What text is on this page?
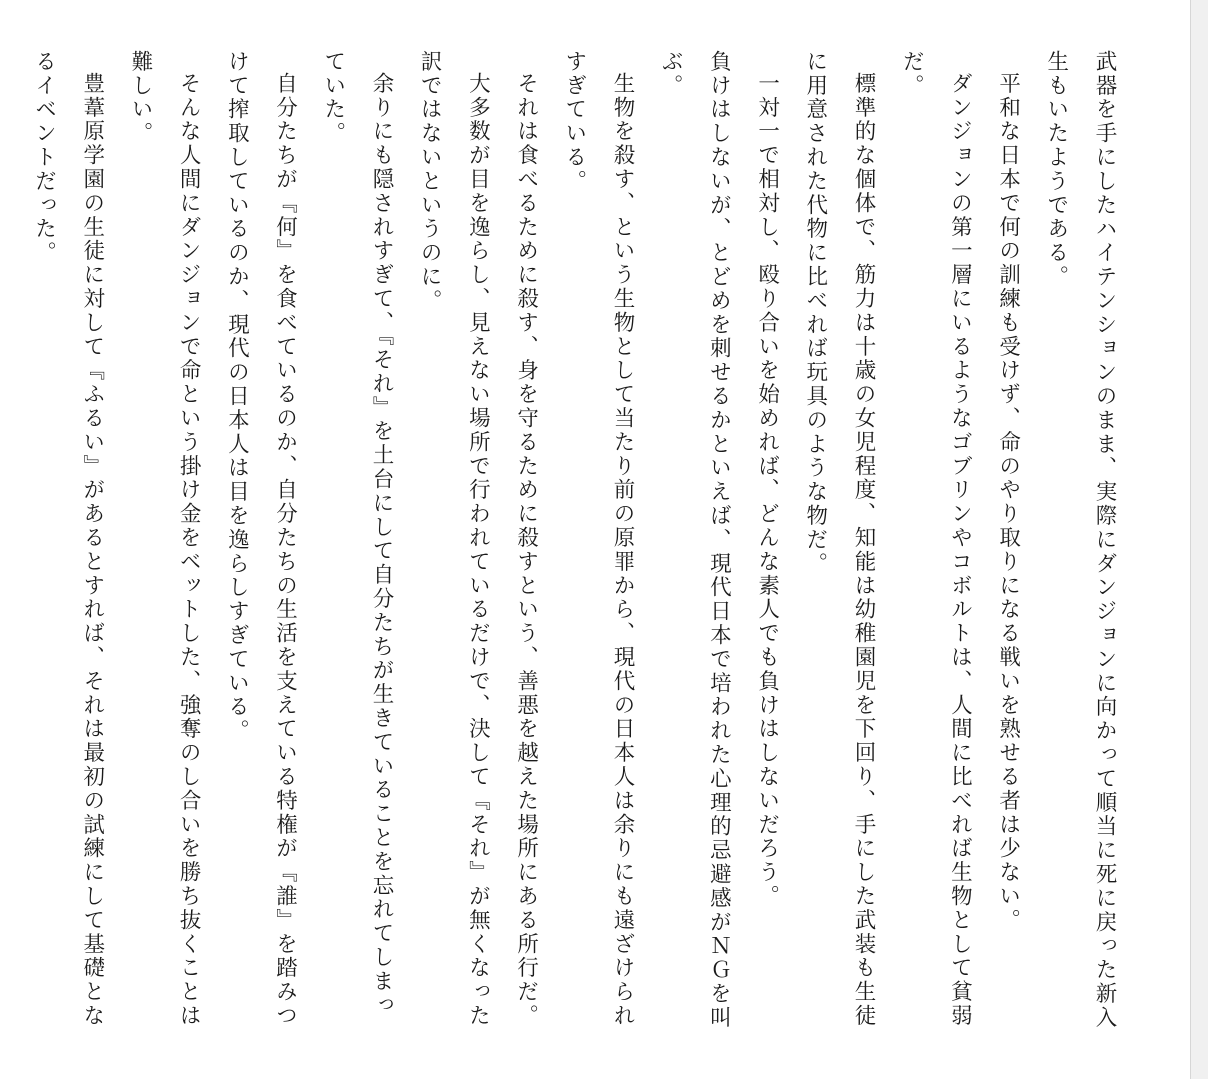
武器を手にしたハイテンションのまま、実際にダンジョンに向かって順当に死に戻った新入生もいたようである。

平和な日本で何の訓練も受けず、命のやり取りになる戦いを熟せる者は少ない。

ダンジョンの第一層にいるようなゴブリンやコボルトは、人間に比べれば生物として貧弱だ。

標準的な個体で、筋力は十歳の女児程度、知能は幼稚園児を下回り、手にした武装も生徒に用意された代物に比べれば玩具のような物だ。

一対一で相対し、殴り合いを始めれば、どんな素人でも負けはしないだろう。

負けはしないが、とどめを刺せるかといえば、現代日本で培われた心理的忌避感がＮＧを叫ぶ。

生物を殺す、という生物として当たり前の原罪から、現代の日本人は余りにも遠ざけられすぎている。

それは食べるために殺す、身を守るために殺すという、善悪を越えた場所にある所行だ。

大多数が目を逸らし、見えない場所で行われているだけで、決して『それ』が無くなった訳ではないというのに。

余りにも隠されすぎて、『それ』を土台にして自分たちが生きていることを忘れてしまっていた。

自分たちが『何』を食べているのか、自分たちの生活を支えている特権が『誰』を踏みつけて搾取しているのか、現代の日本人は目を逸らしすぎている。

そんな人間にダンジョンで命という掛け金をベットした、強奪のし合いを勝ち抜くことは難しい。

豊葦原学園の生徒に対して『ふるい』があるとすれば、それは最初の試練にして基礎となるイベントだった。
